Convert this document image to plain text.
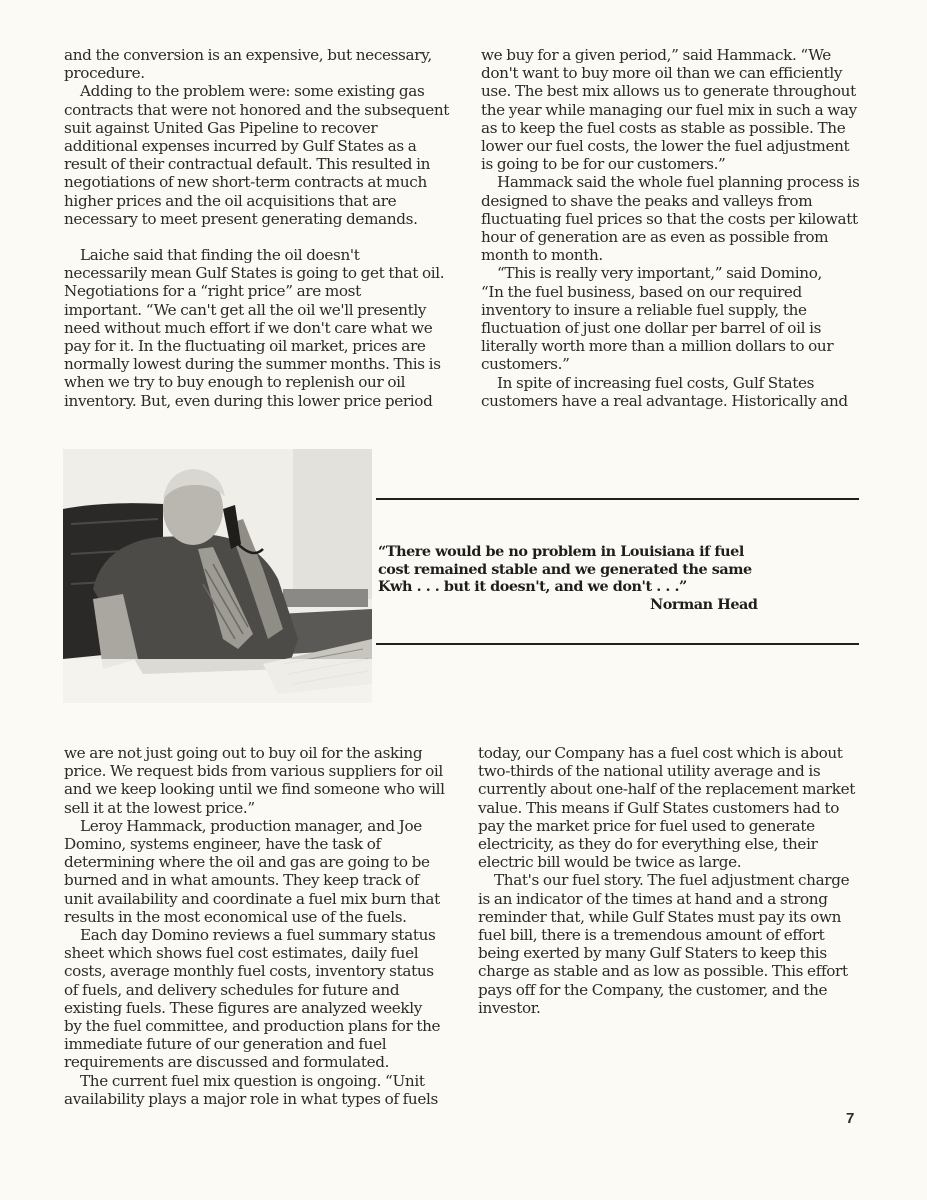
and the conversion is an expensive, but necessary,
procedure.

Adding to the problem were: some existing gas
contracts that were not honored and the subsequent
suit against United Gas Pipeline to recover
additional expenses incurred by Gulf States as a
result of their contractual default. This resulted in
negotiations of new short-term contracts at much
higher prices and the oil acquisitions that are
necessary to meet present generating demands.

Laiche said that finding the oil doesn't
necessarily mean Gulf States is going to get that oil.
Negotiations for a “right price” are most
important. “We can't get all the oil we'll presently
need without much effort if we don't care what we
pay for it. In the fluctuating oil market, prices are
normally lowest during the summer months. This is
when we try to buy enough to replenish our oil
inventory. But, even during this lower price period

we buy for a given period,” said Hammack. “We
don't want to buy more oil than we can efficiently
use. The best mix allows us to generate throughout
the year while managing our fuel mix in such a way
as to keep the fuel costs as stable as possible. The
lower our fuel costs, the lower the fuel adjustment
is going to be for our customers.”

Hammack said the whole fuel planning process is
designed to shave the peaks and valleys from
fluctuating fuel prices so that the costs per kilowatt
hour of generation are as even as possible from
month to month.

“This is really very important,” said Domino,
“In the fuel business, based on our required
inventory to insure a reliable fuel supply, the
fluctuation of just one dollar per barrel of oil is
literally worth more than a million dollars to our
customers.”

In spite of increasing fuel costs, Gulf States
customers have a real advantage. Historically and

“There would be no problem in Louisiana if fuel
cost remained stable and we generated the same
Kwh . . . but it doesn't, and we don't . . .”
Norman Head

we are not just going out to buy oil for the asking
price. We request bids from various suppliers for oil
and we keep looking until we find someone who will
sell it at the lowest price.”

Leroy Hammack, production manager, and Joe
Domino, systems engineer, have the task of
determining where the oil and gas are going to be
burned and in what amounts. They keep track of
unit availability and coordinate a fuel mix burn that
results in the most economical use of the fuels.

Each day Domino reviews a fuel summary status
sheet which shows fuel cost estimates, daily fuel
costs, average monthly fuel costs, inventory status
of fuels, and delivery schedules for future and
existing fuels. These figures are analyzed weekly
by the fuel committee, and production plans for the
immediate future of our generation and fuel
requirements are discussed and formulated.

The current fuel mix question is ongoing. “Unit
availability plays a major role in what types of fuels

today, our Company has a fuel cost which is about
two-thirds of the national utility average and is
currently about one-half of the replacement market
value. This means if Gulf States customers had to
pay the market price for fuel used to generate
electricity, as they do for everything else, their
electric bill would be twice as large.

That's our fuel story. The fuel adjustment charge
is an indicator of the times at hand and a strong
reminder that, while Gulf States must pay its own
fuel bill, there is a tremendous amount of effort
being exerted by many Gulf Staters to keep this
charge as stable and as low as possible. This effort
pays off for the Company, the customer, and the
investor.

7
